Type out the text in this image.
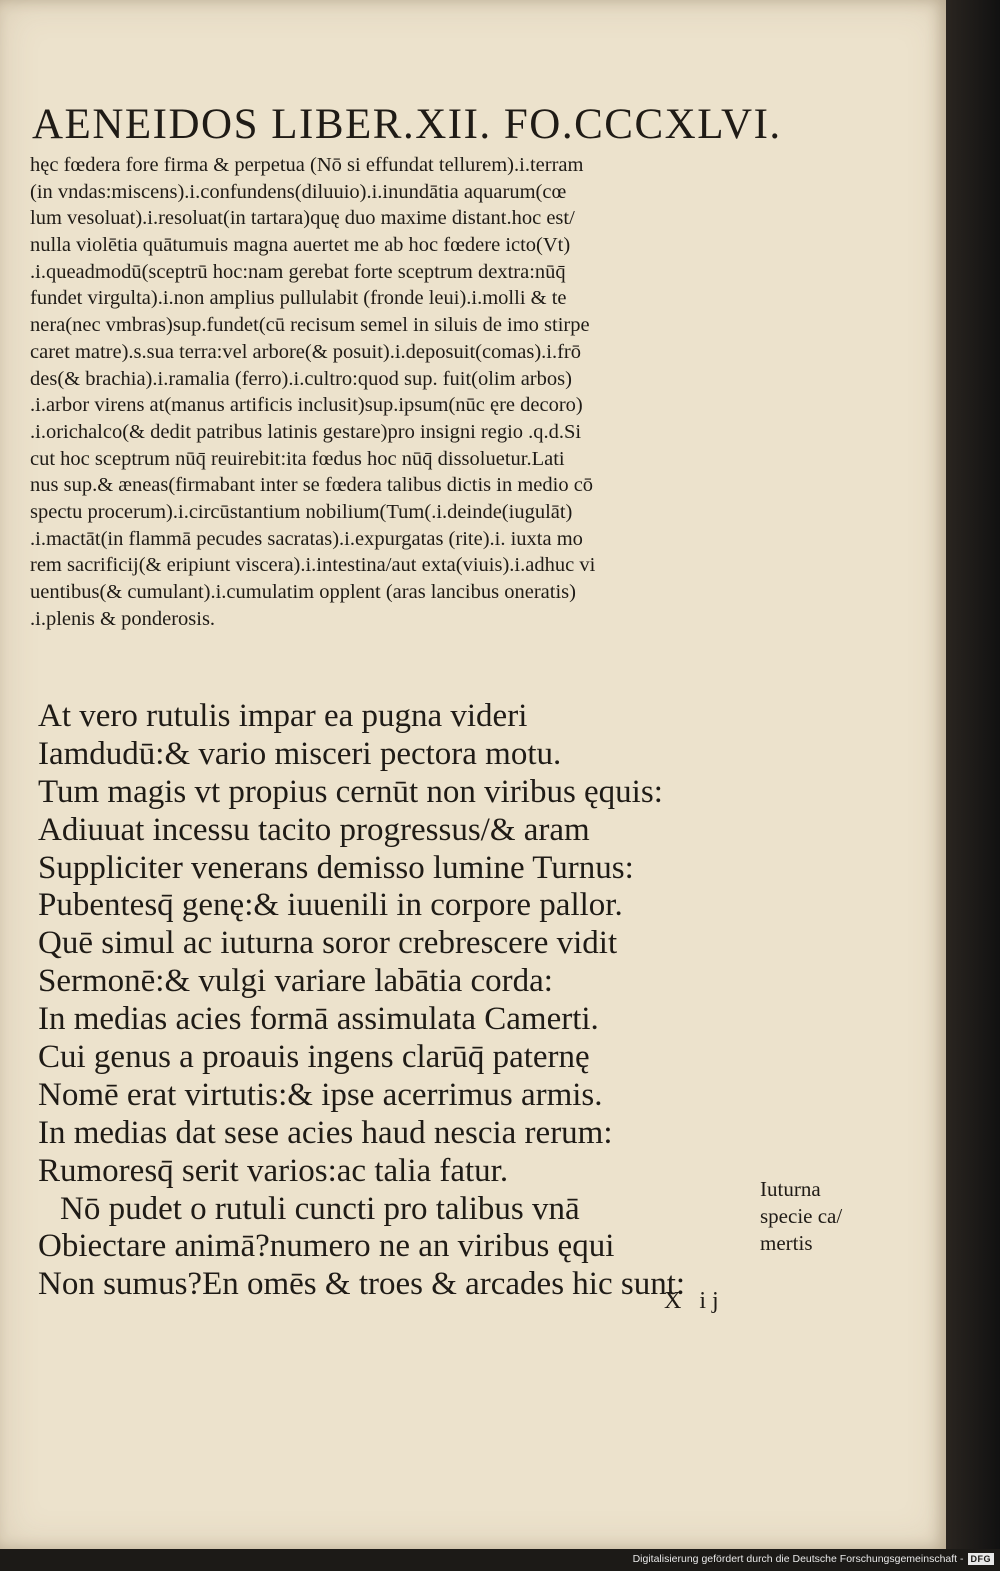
AENEIDOS LIBER.XII. FO.CCCXLVI.
hęc fœdera fore firma & perpetua (Nō si effundat tellurem).i.terram
(in vndas:miscens).i.confundens(diluuio).i.inundātia aquarum(cœ
lum vesoluat).i.resoluat(in tartara)quę duo maxime distant.hoc est/
nulla violētia quātumuis magna auertet me ab hoc fœdere icto(Vt)
.i.queadmodū(sceptrū hoc:nam gerebat forte sceptrum dextra:nūq̄
fundet virgulta).i.non amplius pullulabit (fronde leui).i.molli & te
nera(nec vmbras)sup.fundet(cū recisum semel in siluis de imo stirpe
caret matre).s.sua terra:vel arbore(& posuit).i.deposuit(comas).i.frō
des(& brachia).i.ramalia (ferro).i.cultro:quod sup. fuit(olim arbos)
.i.arbor virens at(manus artificis inclusit)sup.ipsum(nūc ęre decoro)
.i.orichalco(& dedit patribus latinis gestare)pro insigni regio .q.d.Si
cut hoc sceptrum nūq̄ reuirebit:ita fœdus hoc nūq̄ dissoluetur.Lati
nus sup.& æneas(firmabant inter se fœdera talibus dictis in medio cō
spectu procerum).i.circūstantium nobilium(Tum(.i.deinde(iugulāt)
.i.mactāt(in flammā pecudes sacratas).i.expurgatas (rite).i. iuxta mo
rem sacrificij(& eripiunt viscera).i.intestina/aut exta(viuis).i.adhuc vi
uentibus(& cumulant).i.cumulatim opplent (aras lancibus oneratis)
.i.plenis & ponderosis.
At vero rutulis impar ea pugna videri
Iamdudū:& vario misceri pectora motu.
Tum magis vt propius cernūt non viribus ęquis:
Adiuuat incessu tacito progressus/& aram
Suppliciter venerans demisso lumine Turnus:
Pubentesq̄ genę:& iuuenili in corpore pallor.
Quē simul ac iuturna soror crebrescere vidit
Sermonē:& vulgi variare labātia corda:
In medias acies formā assimulata Camerti.
Cui genus a proauis ingens clarūq̄ paternę
Nomē erat virtutis:& ipse acerrimus armis.
In medias dat sese acies haud nescia rerum:
Rumoresq̄ serit varios:ac talia fatur.
Nō pudet o rutuli cuncti pro talibus vnā
Obiectare animā?numero ne an viribus ęqui
Non sumus?En omēs & troes & arcades hic sunt:
Iuturna
specie ca/
mertis
X ij
Digitalisierung gefördert durch die Deutsche Forschungsgemeinschaft - DFG
